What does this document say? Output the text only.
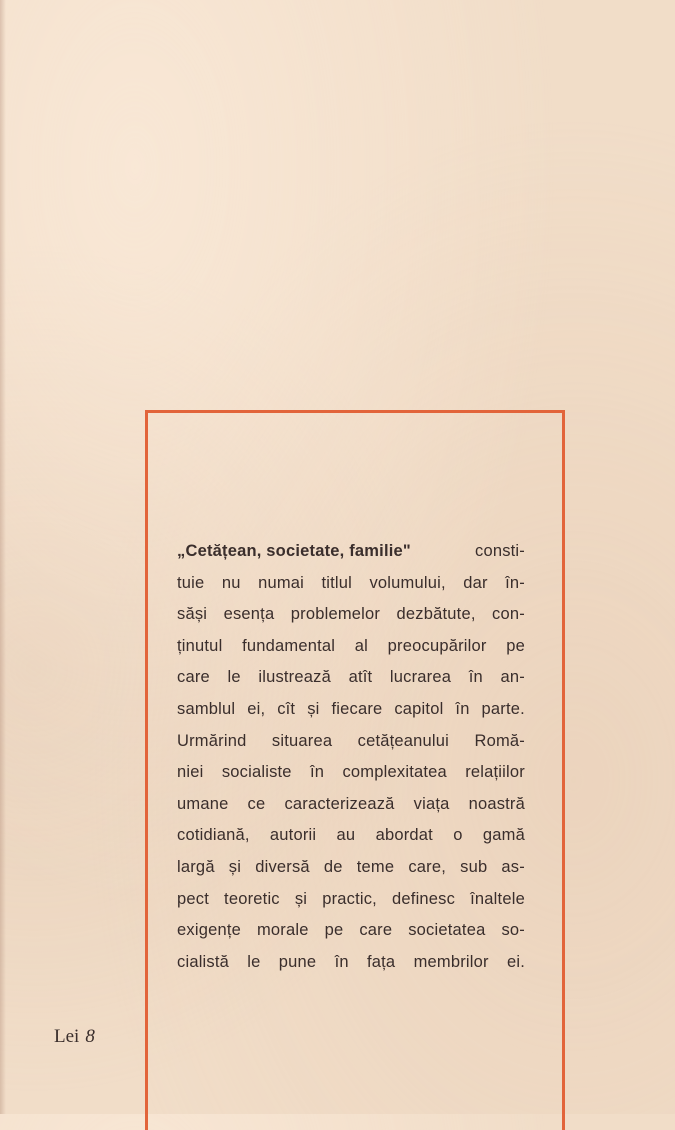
„Cetățean, societate, familie"	consti-
tuie nu numai titlul volumului, dar în-
săși esența problemelor dezbătute, con-
ținutul fundamental al preocupărilor pe
care le ilustrează atît lucrarea în an-
samblul ei, cît și fiecare capitol în parte.
Urmărind situarea cetățeanului Romă-
niei socialiste în complexitatea relațiilor
umane ce caracterizează viața noastră
cotidiană, autorii au abordat o gamă
largă și diversă de teme care, sub as-
pect teoretic și practic, definesc înaltele
exigențe morale pe care societatea so-
cialistă le pune în fața membrilor ei.
Lei 8
